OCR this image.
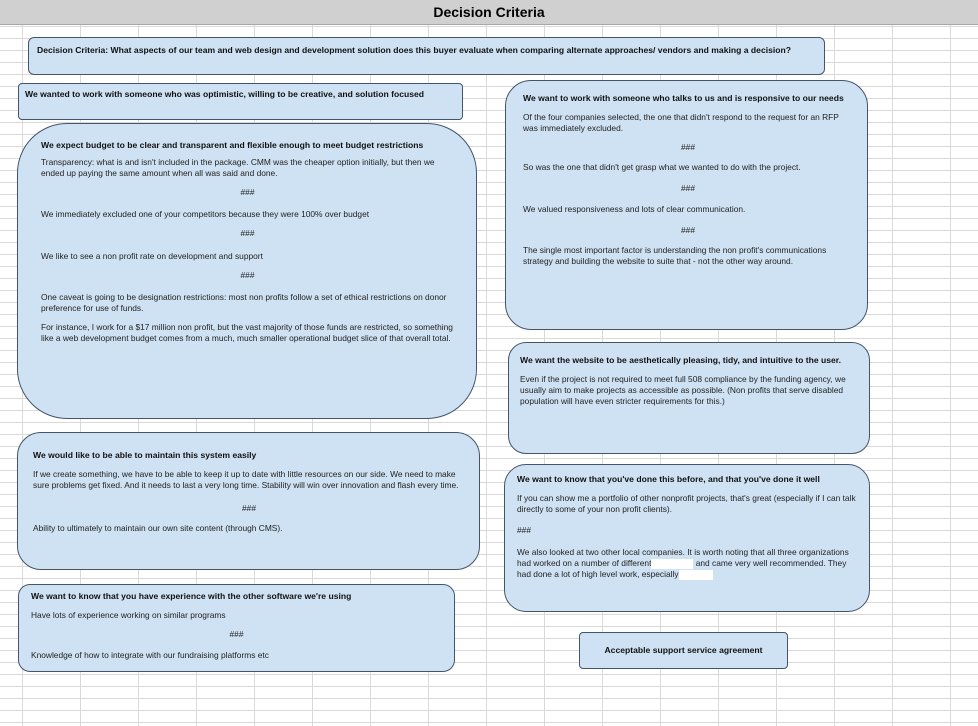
Decision Criteria
Decision Criteria: What aspects of our team and web design and development solution does this buyer evaluate when comparing alternate approaches/ vendors and making a decision?
We wanted to work with someone who was optimistic, willing to be creative, and solution focused
We expect budget to be clear and transparent and flexible enough to meet budget restrictions

Transparency: what is and isn't included in the package. CMM was the cheaper option initially, but then we ended up paying the same amount when all was said and done.

###

We immediately excluded one of your competitors because they were 100% over budget

###

We like to see a non profit rate on development and support

###

One caveat is going to be designation restrictions: most non profits follow a set of ethical restrictions on donor preference for use of funds.

For instance, I work for a $17 million non profit, but the vast majority of those funds are restricted, so something like a web development budget comes from a much, much smaller operational budget slice of that overall total.

We would like to be able to maintain this system easily

If we create something, we have to be able to keep it up to date with little resources on our side. We need to make sure problems get fixed. And it needs to last a very long time. Stability will win over innovation and flash every time.

###

Ability to ultimately to maintain our own site content (through CMS).

We want to know that you have experience with the other software we're using

Have lots of experience working on similar programs

###

Knowledge of how to integrate with our fundraising platforms etc

We want to work with someone who talks to us and is responsive to our needs

Of the four companies selected, the one that didn't respond to the request for an RFP was immediately excluded.

###

So was the one that didn't get grasp what we wanted to do with the project.

###

We valued responsiveness and lots of clear communication.

###

The single most important factor is understanding the non profit's communications strategy and building the website to suite that - not the other way around.

We want the website to be aesthetically pleasing, tidy, and intuitive to the user.

Even if the project is not required to meet full 508 compliance by the funding agency, we usually aim to make projects as accessible as possible. (Non profits that serve disabled population will have even stricter requirements for this.)

We want to know that you've done this before, and that you've done it well

If you can show me a portfolio of other nonprofit projects, that's great (especially if I can talk directly to some of your non profit clients).

###

We also looked at two other local companies. It is worth noting that all three organizations had worked on a number of different	and came very well recommended. They had done a lot of high level work, especially

Acceptable support service agreement
